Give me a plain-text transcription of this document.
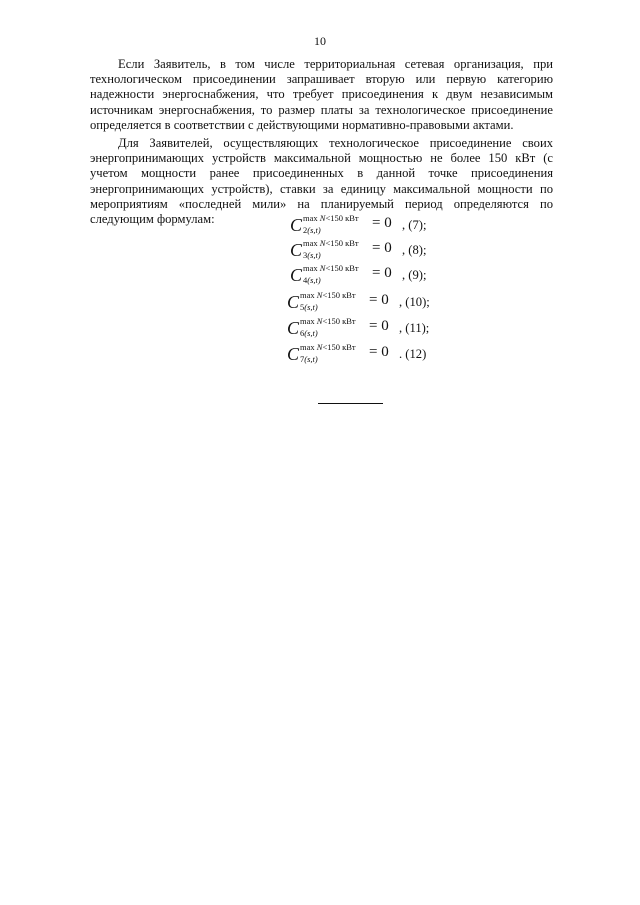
10
Если Заявитель, в том числе территориальная сетевая организация, при технологическом присоединении запрашивает вторую или первую категорию надежности энергоснабжения, что требует присоединения к двум независимым источникам энергоснабжения, то размер платы за технологическое присоединение определяется в соответствии с действующими нормативно-правовыми актами.
Для Заявителей, осуществляющих технологическое присоединение своих энергопринимающих устройств максимальной мощностью не более 150 кВт (с учетом мощности ранее присоединенных в данной точке присоединения энергопринимающих устройств), ставки за единицу максимальной мощности по мероприятиям «последней мили» на планируемый период определяются по следующим формулам:	C max N<150 кВт
2(s,t)	= 0 , (7);
C max N<150 кВт
3(s,t)	= 0 , (8);
C max N<150 кВт
4(s,t)	= 0 , (9);
C max N<150 кВт
5(s,t)	= 0 , (10);
C max N<150 кВт
6(s,t)	= 0 , (11);
C max N<150 кВт
7(s,t)	= 0 . (12)
